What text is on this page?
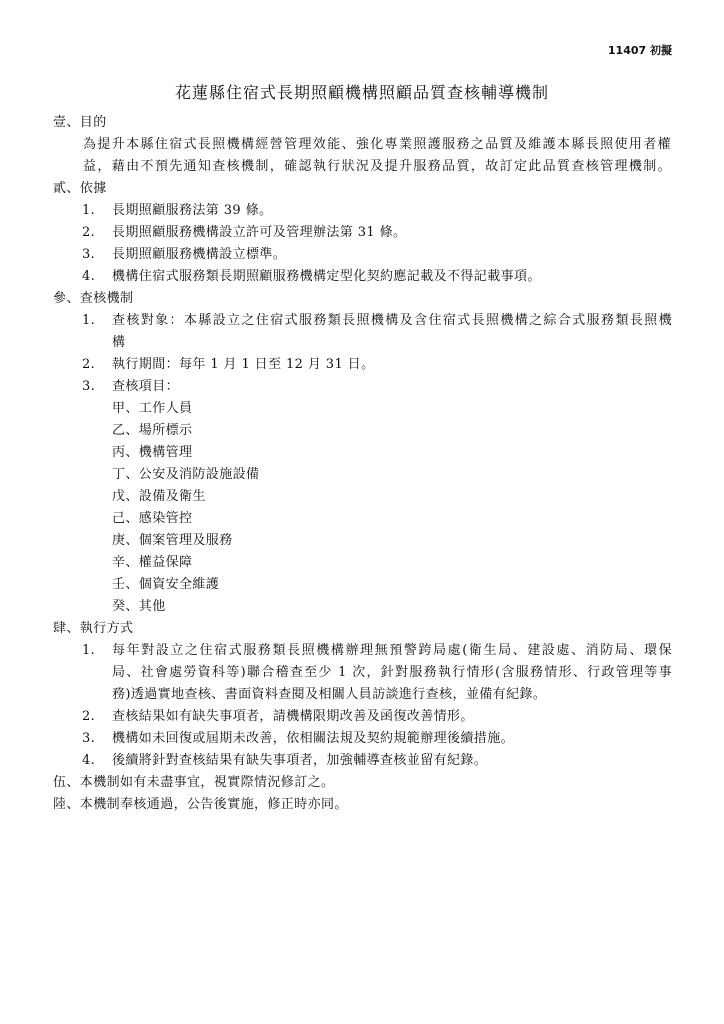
11407 初擬
花蓮縣住宿式長期照顧機構照顧品質查核輔導機制
壹、目的
為提升本縣住宿式長照機構經營管理效能、強化專業照護服務之品質及維護本縣長照使用者權
益，藉由不預先通知查核機制，確認執行狀況及提升服務品質，故訂定此品質查核管理機制。
貳、依據
1.	長期照顧服務法第 39 條。
2.	長期照顧服務機構設立許可及管理辦法第 31 條。
3.	長期照顧服務機構設立標準。
4.	機構住宿式服務類長期照顧服務機構定型化契約應記載及不得記載事項。
參、查核機制
1.	查核對象：本縣設立之住宿式服務類長照機構及含住宿式長照機構之綜合式服務類長照機
構
2.	執行期間：每年 1 月 1 日至 12 月 31 日。
3.	查核項目：
甲、工作人員
乙、場所標示
丙、機構管理
丁、公安及消防設施設備
戊、設備及衛生
己、感染管控
庚、個案管理及服務
辛、權益保障
壬、個資安全維護
癸、其他
肆、執行方式
1.	每年對設立之住宿式服務類長照機構辦理無預警跨局處(衛生局、建設處、消防局、環保
局、社會處勞資科等)聯合稽查至少 1 次，針對服務執行情形(含服務情形、行政管理等事
務)透過實地查核、書面資料查閱及相關人員訪談進行查核，並備有紀錄。
2.	查核結果如有缺失事項者，請機構限期改善及函復改善情形。
3.	機構如未回復或屆期未改善，依相關法規及契約規範辦理後續措施。
4.	後續將針對查核結果有缺失事項者，加強輔導查核並留有紀錄。
伍、本機制如有未盡事宜，視實際情況修訂之。
陸、本機制奉核通過，公告後實施，修正時亦同。
